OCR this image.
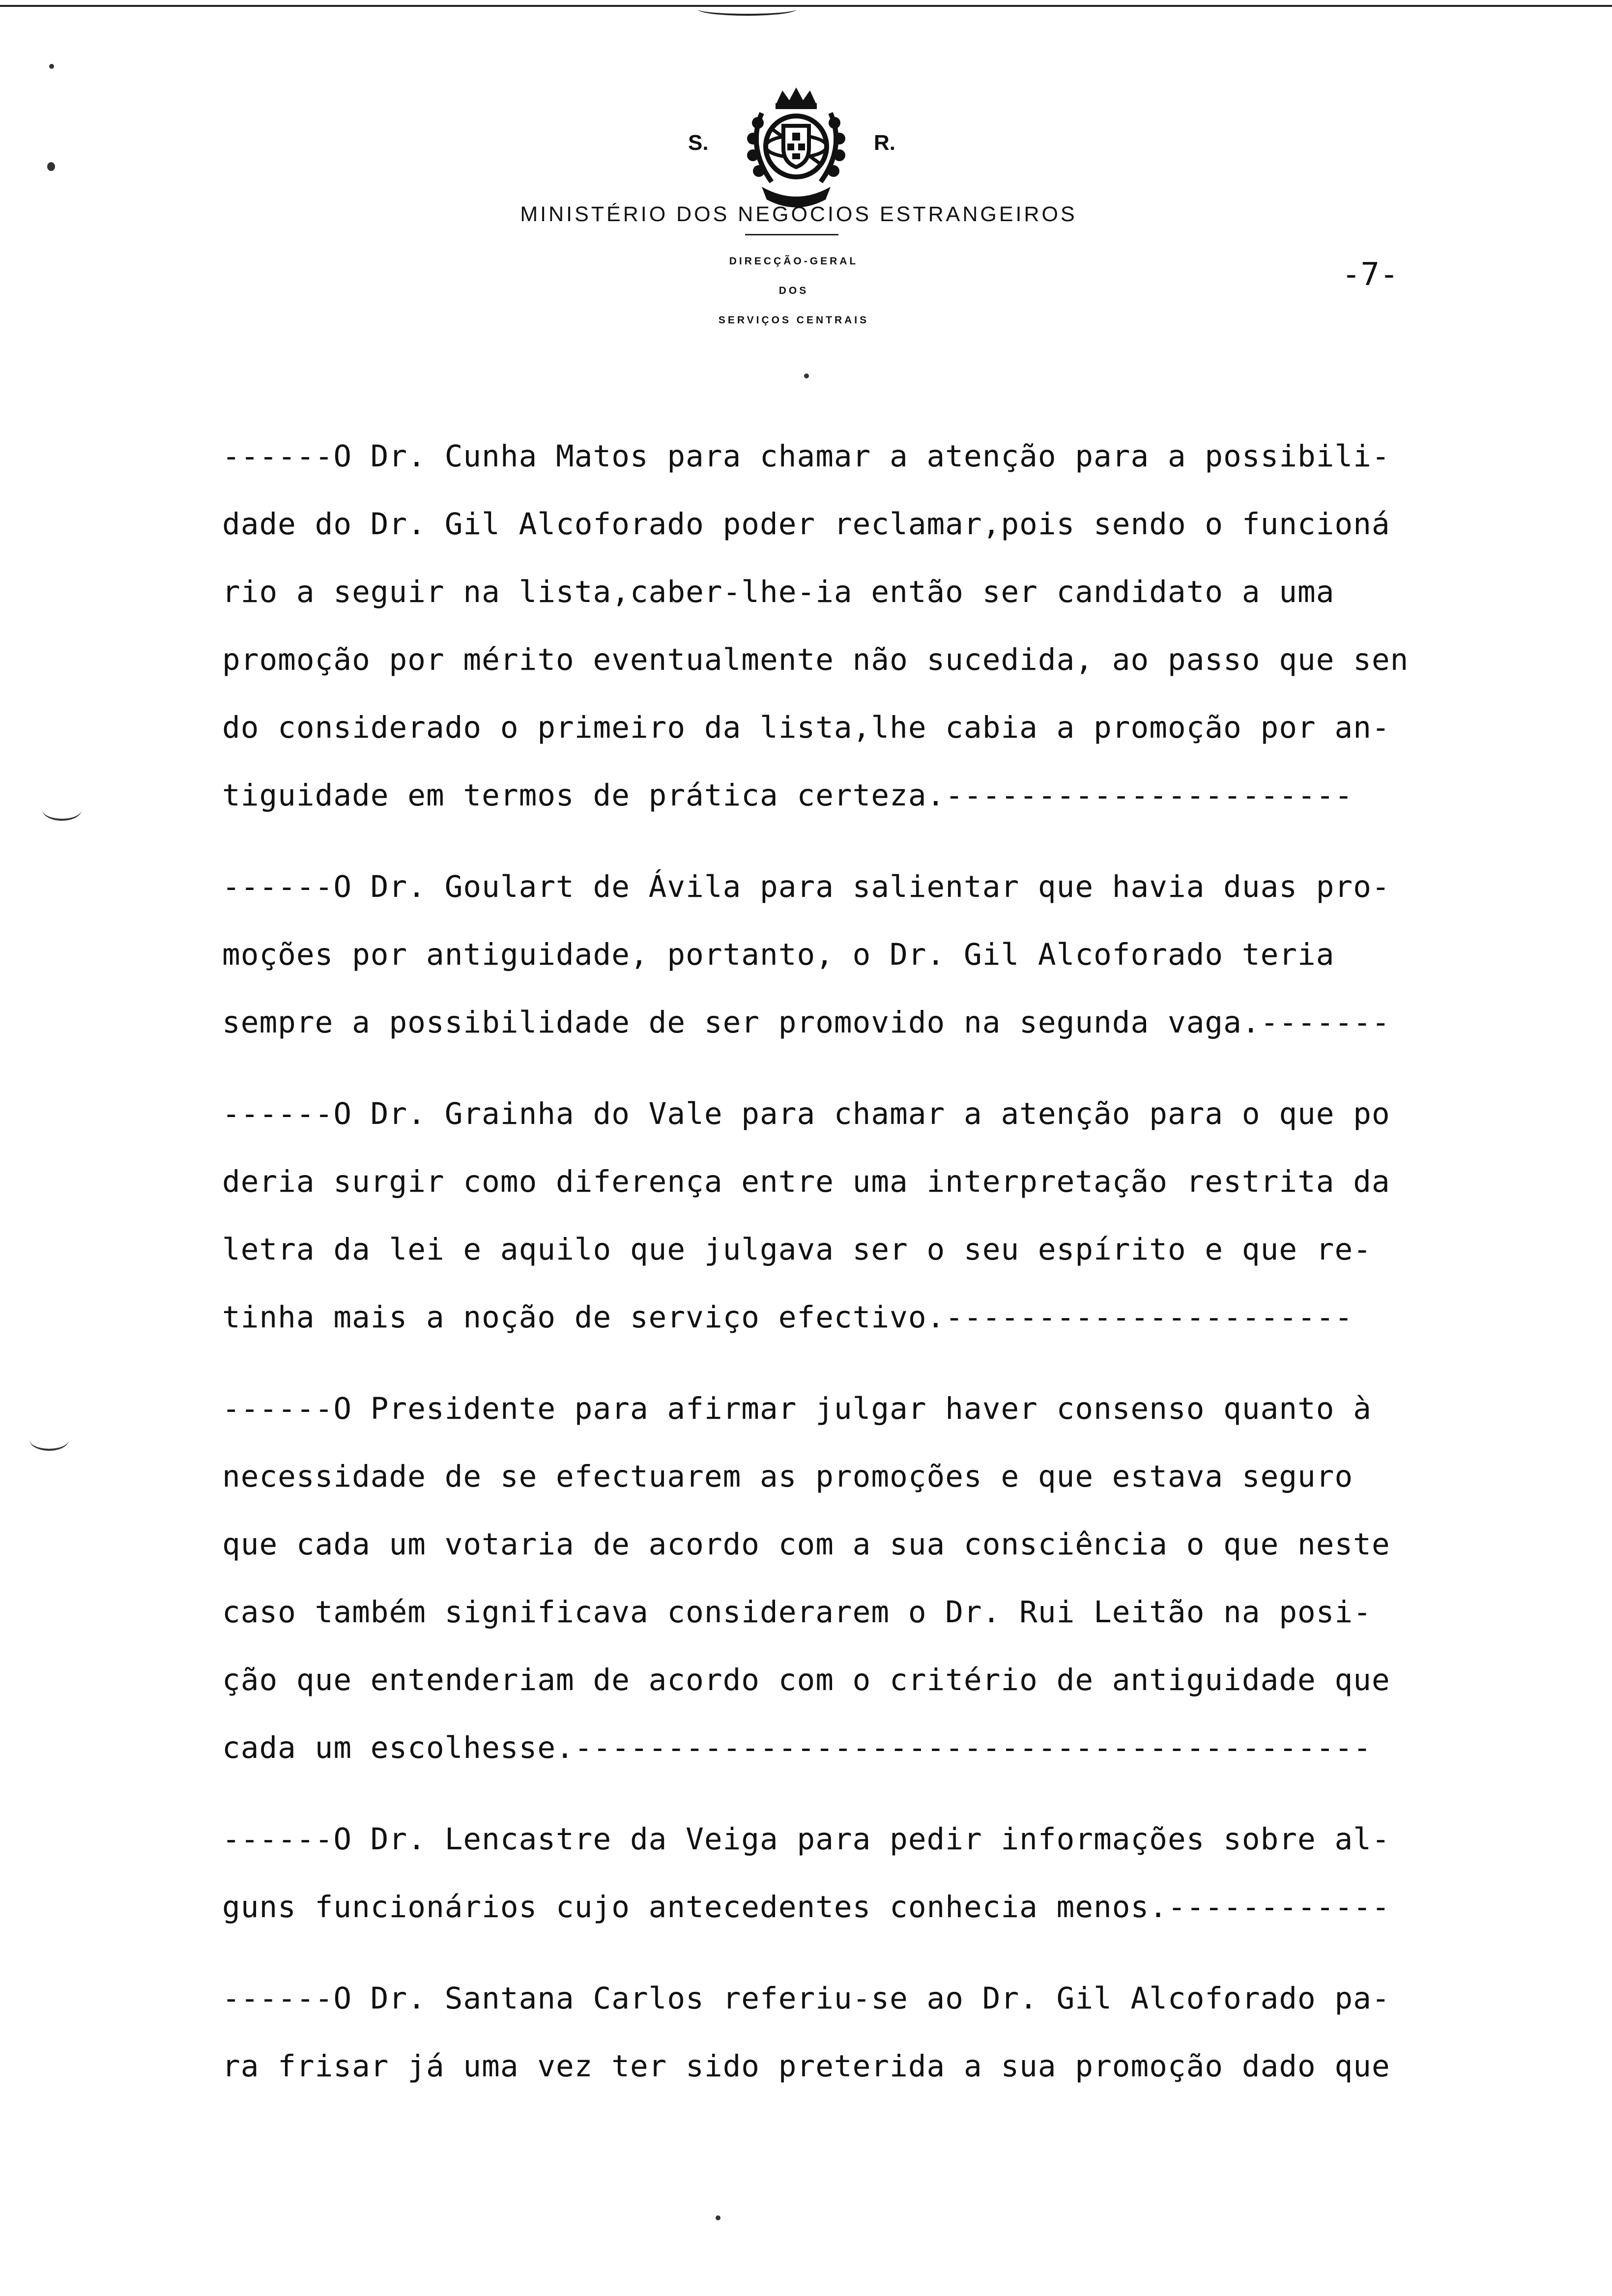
S.	R.
MINISTÉRIO DOS NEGÓCIOS ESTRANGEIROS
DIRECÇÃO-GERAL
DOS
SERVIÇOS CENTRAIS
-7-
------O Dr. Cunha Matos para chamar a atenção para a possibili-
dade do Dr. Gil Alcoforado poder reclamar,pois sendo o funcioná
rio a seguir na lista,caber-lhe-ia então ser candidato a uma
promoção por mérito eventualmente não sucedida, ao passo que sen
do considerado o primeiro da lista,lhe cabia a promoção por an-
tiguidade em termos de prática certeza.----------------------
------O Dr. Goulart de Ávila para salientar que havia duas pro-
moções por antiguidade, portanto, o Dr. Gil Alcoforado teria
sempre a possibilidade de ser promovido na segunda vaga.-------
------O Dr. Grainha do Vale para chamar a atenção para o que po
deria surgir como diferença entre uma interpretação restrita da
letra da lei e aquilo que julgava ser o seu espírito e que re-
tinha mais a noção de serviço efectivo.----------------------
------O Presidente para afirmar julgar haver consenso quanto à
necessidade de se efectuarem as promoções e que estava seguro
que cada um votaria de acordo com a sua consciência o que neste
caso também significava considerarem o Dr. Rui Leitão na posi-
ção que entenderiam de acordo com o critério de antiguidade que
cada um escolhesse.-------------------------------------------
------O Dr. Lencastre da Veiga para pedir informações sobre al-
guns funcionários cujo antecedentes conhecia menos.------------
------O Dr. Santana Carlos referiu-se ao Dr. Gil Alcoforado pa-
ra frisar já uma vez ter sido preterida a sua promoção dado que
